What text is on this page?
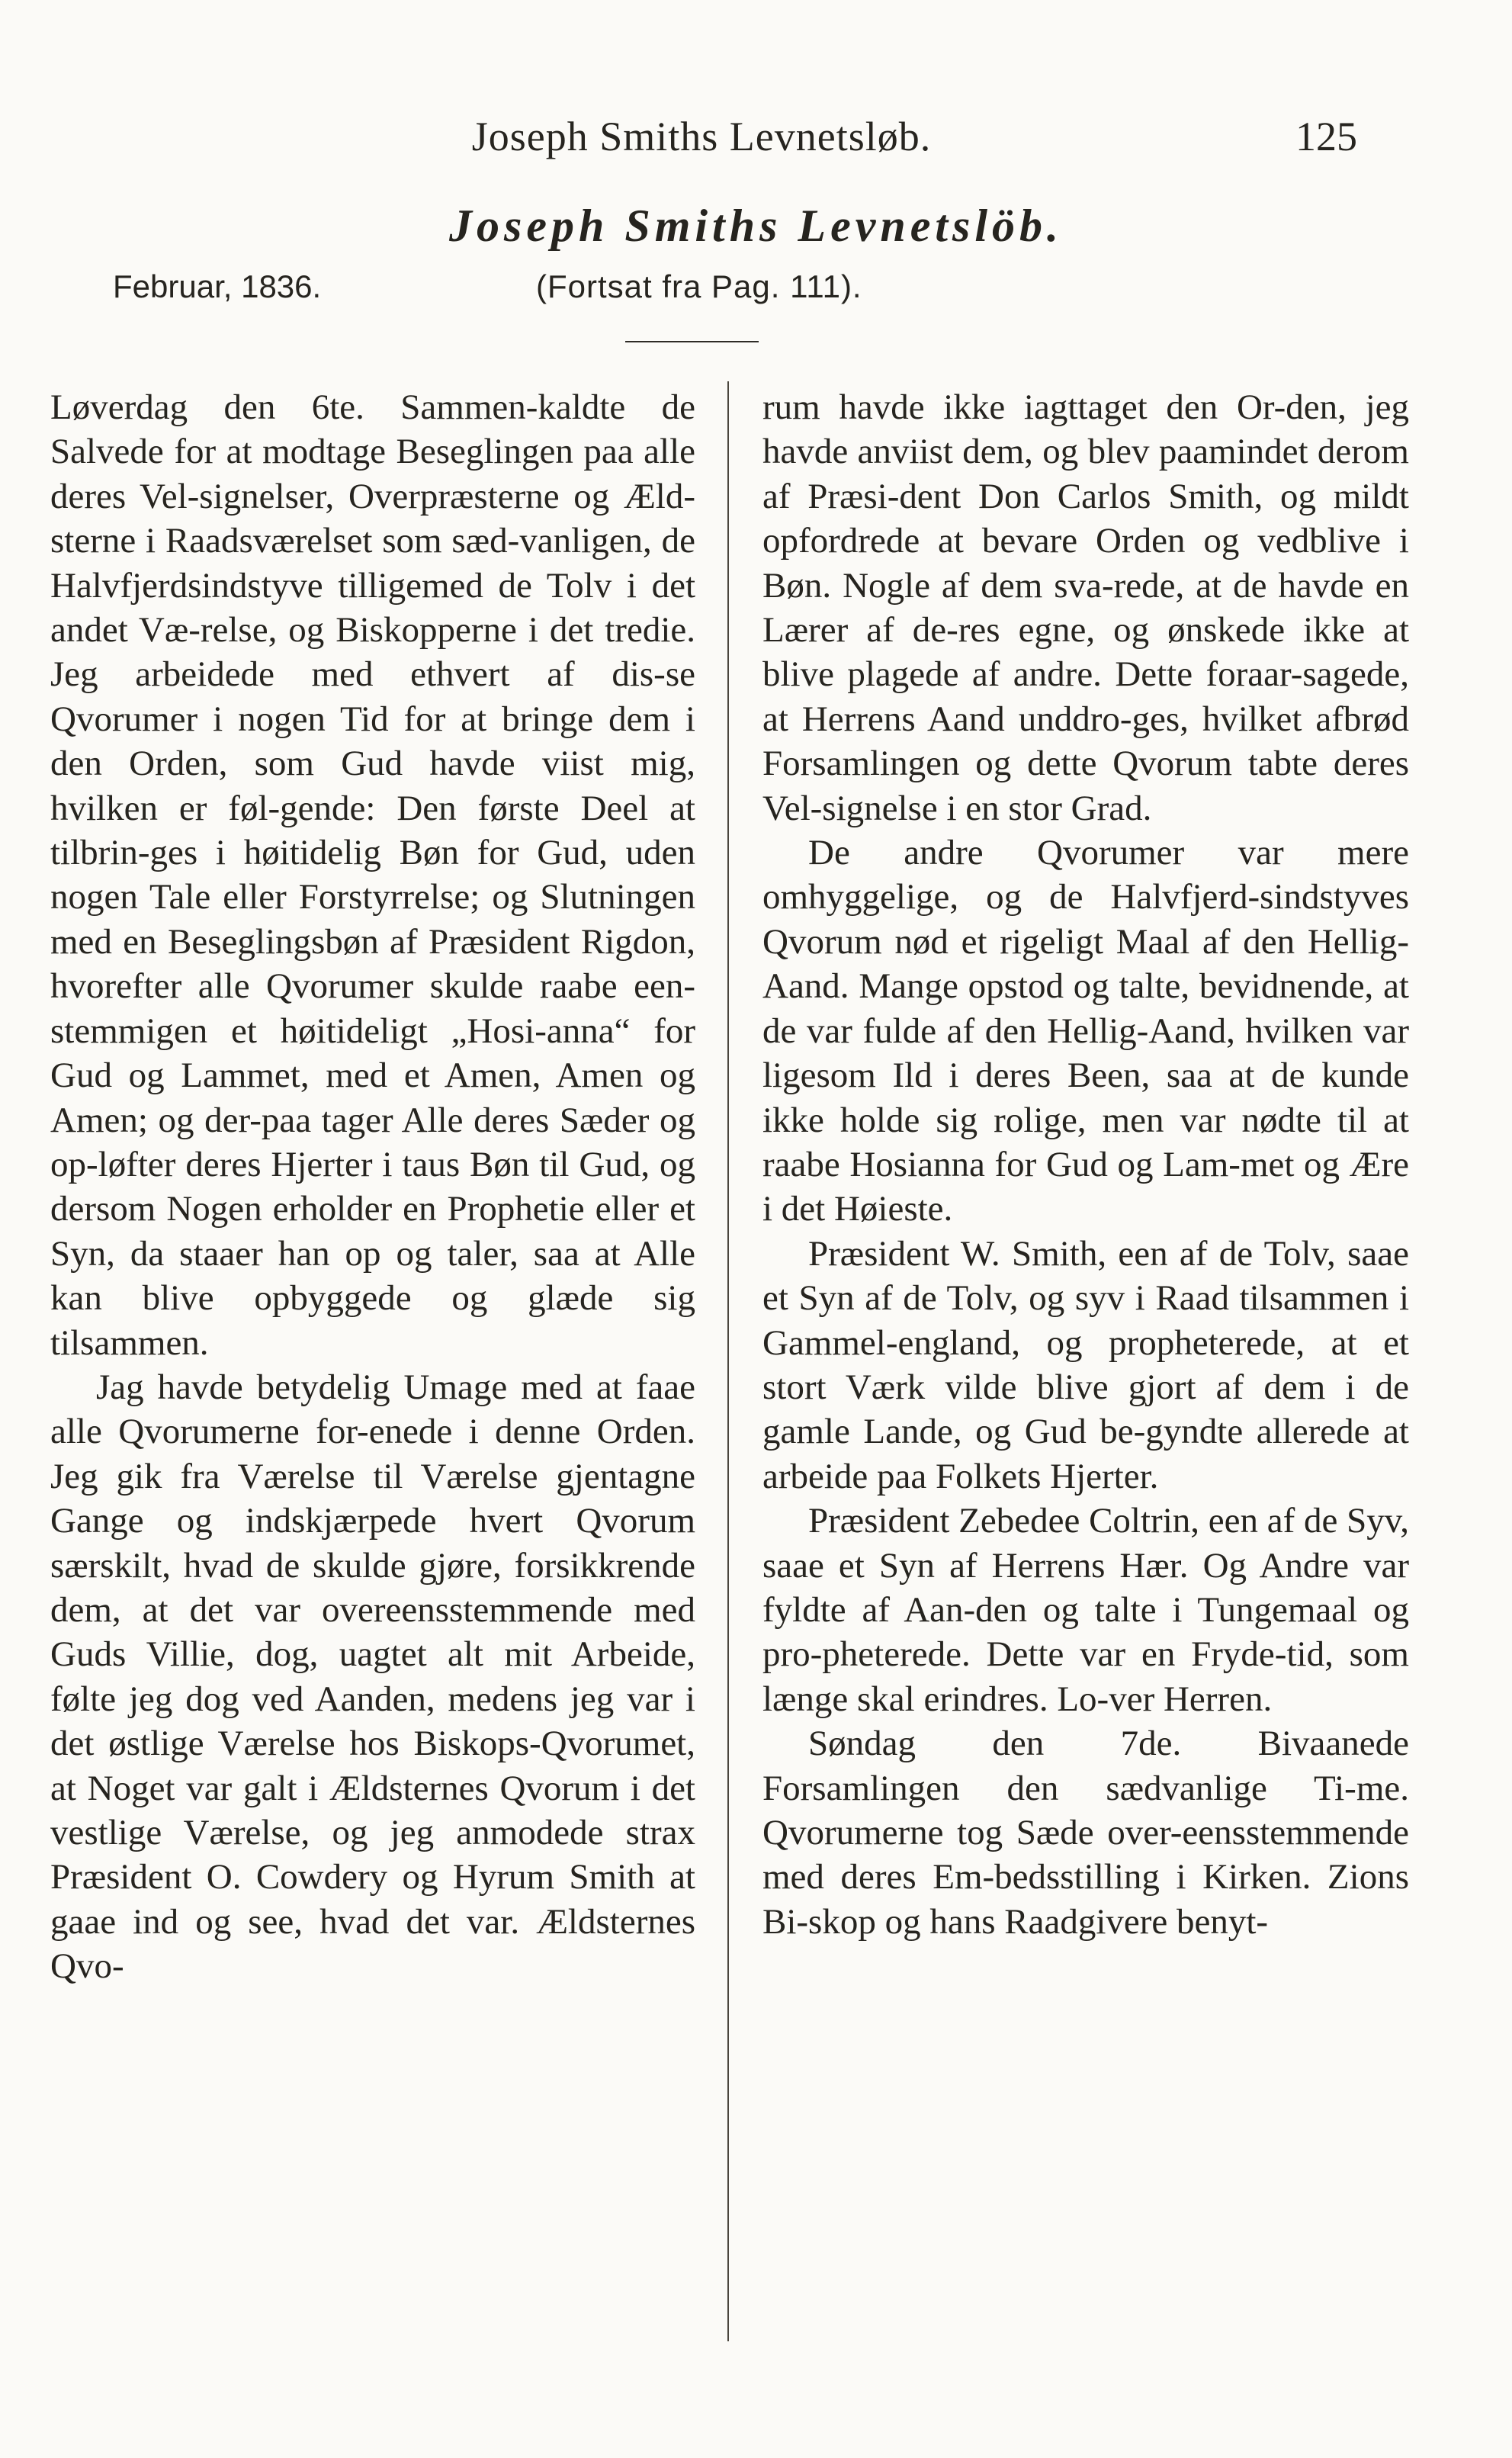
Joseph Smiths Levnetsløb.	125
Joseph Smiths Levnetslöb.
Februar, 1836.	(Fortsat fra Pag. 111).

Løverdag den 6te. Sammen-kaldte de Salvede for at modtage Beseglingen paa alle deres Vel-signelser, Overpræsterne og Æld-sterne i Raadsværelset som sæd-vanligen, de Halvfjerdsindstyve tilligemed de Tolv i det andet Væ-relse, og Biskopperne i det tredie. Jeg arbeidede med ethvert af dis-se Qvorumer i nogen Tid for at bringe dem i den Orden, som Gud havde viist mig, hvilken er føl-gende: Den første Deel at tilbrin-ges i høitidelig Bøn for Gud, uden nogen Tale eller Forstyrrelse; og Slutningen med en Beseglingsbøn af Præsident Rigdon, hvorefter alle Qvorumer skulde raabe een-stemmigen et høitideligt „Hosi-anna“ for Gud og Lammet, med et Amen, Amen og Amen; og der-paa tager Alle deres Sæder og op-løfter deres Hjerter i taus Bøn til Gud, og dersom Nogen erholder en Prophetie eller et Syn, da staaer han op og taler, saa at Alle kan blive opbyggede og glæde sig tilsammen.

Jag havde betydelig Umage med at faae alle Qvorumerne for-enede i denne Orden. Jeg gik fra Værelse til Værelse gjentagne Gange og indskjærpede hvert Qvorum særskilt, hvad de skulde gjøre, forsikkrende dem, at det var overeensstemmende med Guds Villie, dog, uagtet alt mit Arbeide, følte jeg dog ved Aanden, medens jeg var i det østlige Værelse hos Biskops-Qvorumet, at Noget var galt i Ældsternes Qvorum i det vestlige Værelse, og jeg anmodede strax Præsident O. Cowdery og Hyrum Smith at gaae ind og see, hvad det var. Ældsternes Qvo-

rum havde ikke iagttaget den Or-den, jeg havde anviist dem, og blev paamindet derom af Præsi-dent Don Carlos Smith, og mildt opfordrede at bevare Orden og vedblive i Bøn. Nogle af dem sva-rede, at de havde en Lærer af de-res egne, og ønskede ikke at blive plagede af andre. Dette foraar-sagede, at Herrens Aand unddro-ges, hvilket afbrød Forsamlingen og dette Qvorum tabte deres Vel-signelse i en stor Grad.

De andre Qvorumer var mere omhyggelige, og de Halvfjerd-sindstyves Qvorum nød et rigeligt Maal af den Hellig-Aand. Mange opstod og talte, bevidnende, at de var fulde af den Hellig-Aand, hvilken var ligesom Ild i deres Been, saa at de kunde ikke holde sig rolige, men var nødte til at raabe Hosianna for Gud og Lam-met og Ære i det Høieste.

Præsident W. Smith, een af de Tolv, saae et Syn af de Tolv, og syv i Raad tilsammen i Gammel-england, og propheterede, at et stort Værk vilde blive gjort af dem i de gamle Lande, og Gud be-gyndte allerede at arbeide paa Folkets Hjerter.

Præsident Zebedee Coltrin, een af de Syv, saae et Syn af Herrens Hær. Og Andre var fyldte af Aan-den og talte i Tungemaal og pro-pheterede. Dette var en Fryde-tid, som længe skal erindres. Lo-ver Herren.

Søndag den 7de. Bivaanede Forsamlingen den sædvanlige Ti-me. Qvorumerne tog Sæde over-eensstemmende med deres Em-bedsstilling i Kirken. Zions Bi-skop og hans Raadgivere benyt-
